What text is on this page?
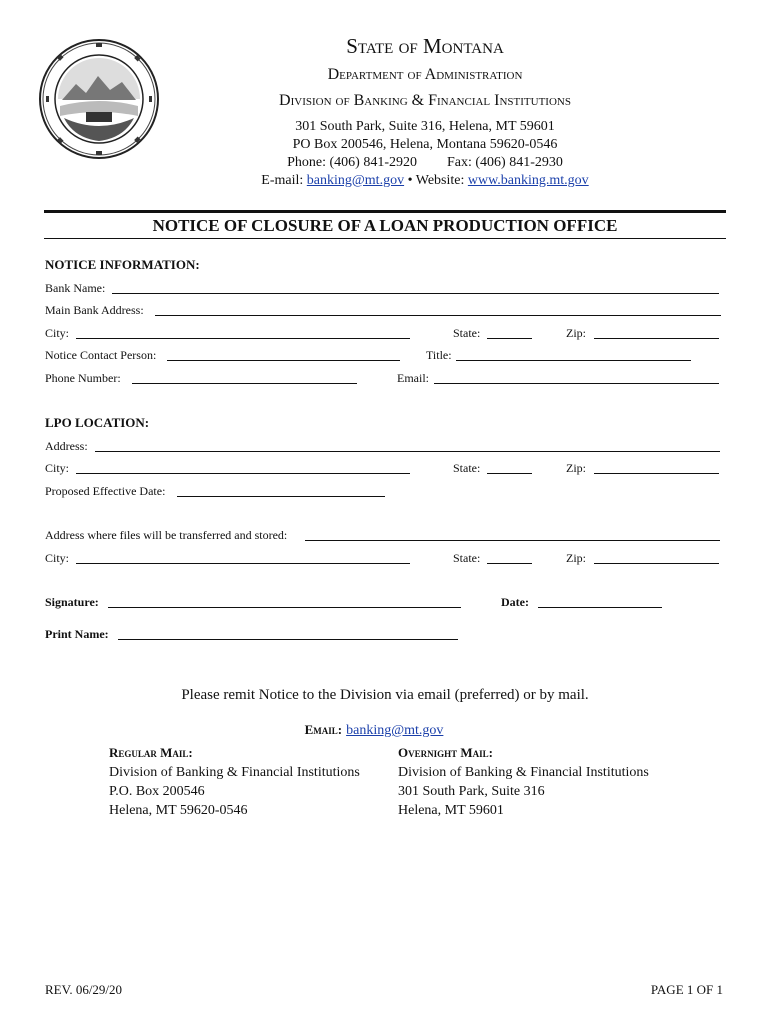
State of Montana
Department of Administration
Division of Banking & Financial Institutions
301 South Park, Suite 316, Helena, MT 59601
PO Box 200546, Helena, Montana 59620-0546
Phone: (406) 841-2920 Fax: (406) 841-2930
E-mail: banking@mt.gov • Website: www.banking.mt.gov
NOTICE OF CLOSURE OF A LOAN PRODUCTION OFFICE
NOTICE INFORMATION:
Bank Name:
Main Bank Address:
City:	State:	Zip:
Notice Contact Person:	Title:
Phone Number:	Email:
LPO LOCATION:
Address:
City:	State:	Zip:
Proposed Effective Date:
Address where files will be transferred and stored:
City:	State:	Zip:
Signature:	Date:
Print Name:
Please remit Notice to the Division via email (preferred) or by mail.
Email: banking@mt.gov
Regular Mail:
Division of Banking & Financial Institutions
P.O. Box 200546
Helena, MT 59620-0546
Overnight Mail:
Division of Banking & Financial Institutions
301 South Park, Suite 316
Helena, MT 59601
REV. 06/29/20	PAGE 1 OF 1
